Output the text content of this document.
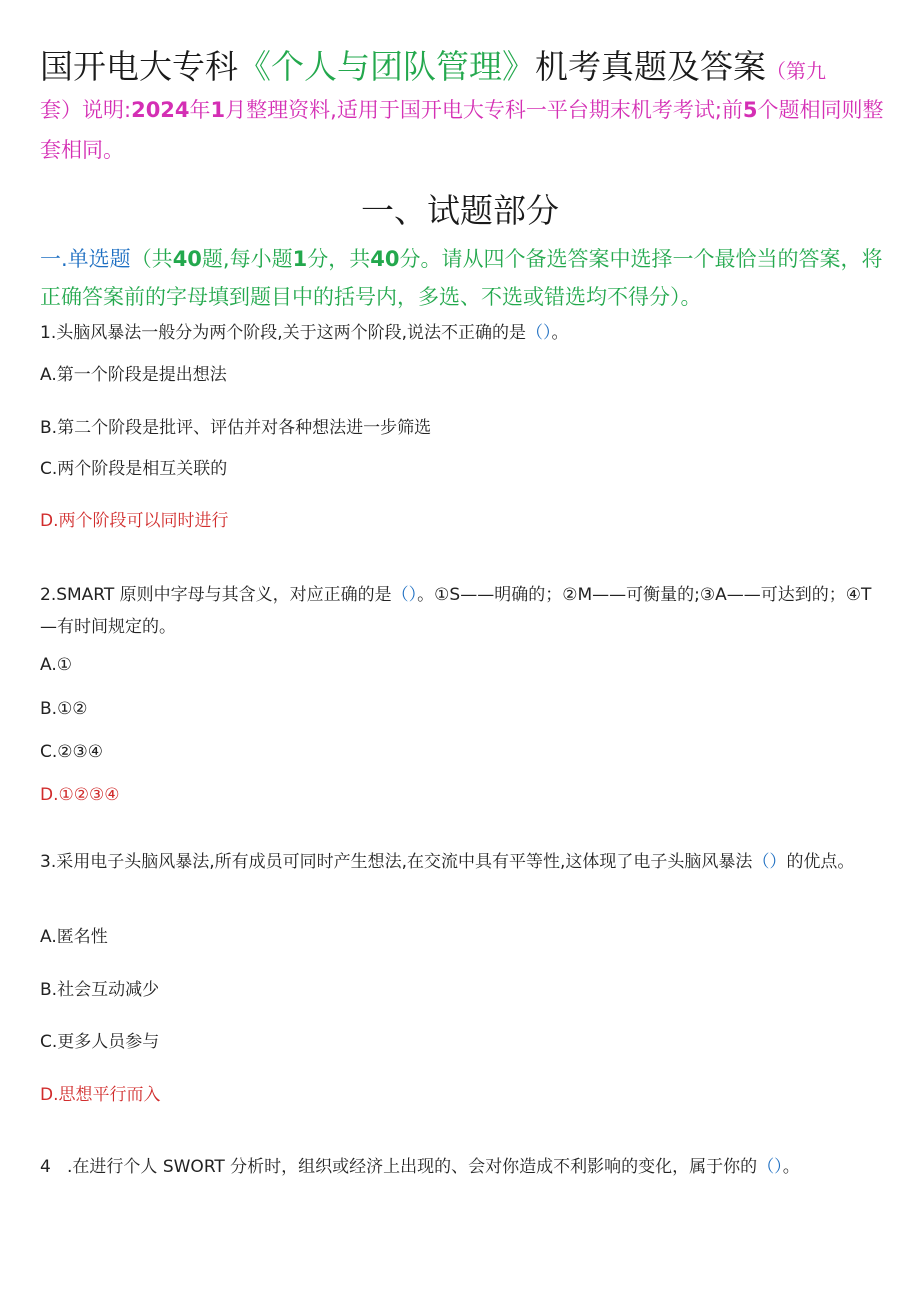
国开电大专科《个人与团队管理》机考真题及答案（第九
套）说明:2024年1月整理资料,适用于国开电大专科一平台期末机考考试;前5个题相同则整套相同。
一、试题部分
一.单选题（共40题,每小题1分，共40分。请从四个备选答案中选择一个最恰当的答案，将正确答案前的字母填到题目中的括号内，多选、不选或错选均不得分）。
1.头脑风暴法一般分为两个阶段,关于这两个阶段,说法不正确的是（）。
A.第一个阶段是提出想法
B.第二个阶段是批评、评估并对各种想法进一步筛选
C.两个阶段是相互关联的
D.两个阶段可以同时进行
2.SMART 原则中字母与其含义，对应正确的是（）。①S——明确的；②M——可衡量的;③A——可达到的；④T—有时间规定的。
A.①
B.①②
C.②③④
D.①②③④
3.采用电子头脑风暴法,所有成员可同时产生想法,在交流中具有平等性,这体现了电子头脑风暴法（）的优点。
A.匿名性
B.社会互动减少
C.更多人员参与
D.思想平行而入
4   .在进行个人 SWORT 分析时，组织或经济上出现的、会对你造成不利影响的变化，属于你的（）。
